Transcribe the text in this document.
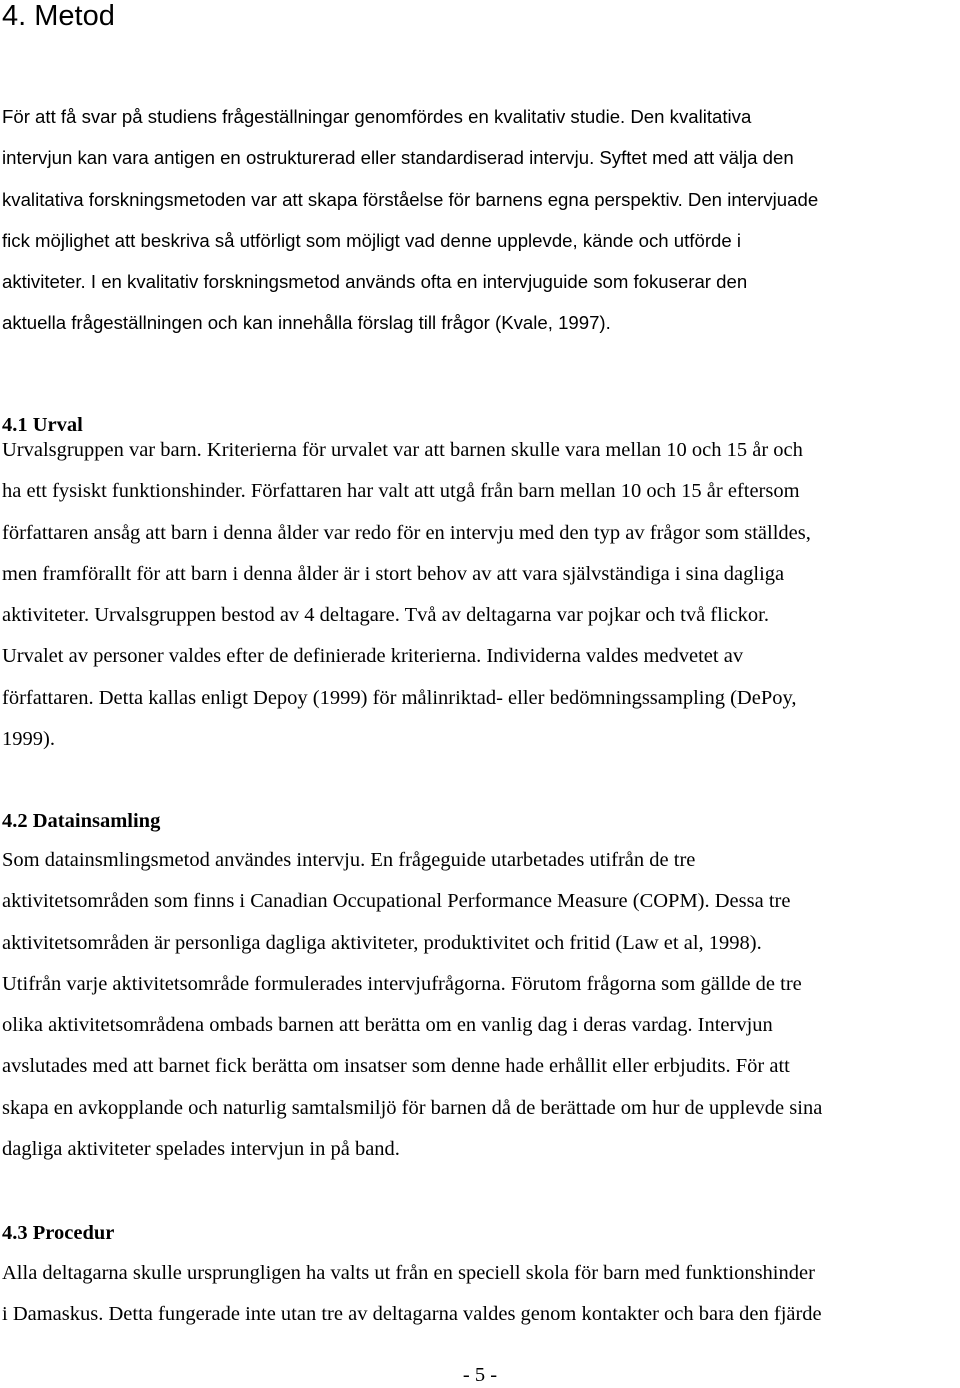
4. Metod

För att få svar på studiens frågeställningar genomfördes en kvalitativ studie. Den kvalitativa
intervjun kan vara antigen en ostrukturerad eller standardiserad intervju. Syftet med att välja den
kvalitativa forskningsmetoden var att skapa förståelse för barnens egna perspektiv. Den intervjuade
fick möjlighet att beskriva så utförligt som möjligt vad denne upplevde, kände och utförde i
aktiviteter. I en kvalitativ forskningsmetod används ofta en intervjuguide som fokuserar den
aktuella frågeställningen och kan innehålla förslag till frågor (Kvale, 1997).

4.1 Urval

Urvalsgruppen var barn. Kriterierna för urvalet var att barnen skulle vara mellan 10 och 15 år och
ha ett fysiskt funktionshinder. Författaren har valt att utgå från barn mellan 10 och 15 år eftersom
författaren ansåg att barn i denna ålder var redo för en intervju med den typ av frågor som ställdes,
men framförallt för att barn i denna ålder är i stort behov av att vara självständiga i sina dagliga
aktiviteter. Urvalsgruppen bestod av 4 deltagare. Två av deltagarna var pojkar och två flickor.
Urvalet av personer valdes efter de definierade kriterierna. Individerna valdes medvetet av
författaren. Detta kallas enligt Depoy (1999) för målinriktad- eller bedömningssampling (DePoy,
1999).

4.2 Datainsamling

Som datainsmlingsmetod användes intervju. En frågeguide utarbetades utifrån de tre
aktivitetsområden som finns i Canadian Occupational Performance Measure (COPM). Dessa tre
aktivitetsområden är personliga dagliga aktiviteter, produktivitet och fritid (Law et al, 1998).
Utifrån varje aktivitetsområde formulerades intervjufrågorna. Förutom frågorna som gällde de tre
olika aktivitetsområdena ombads barnen att berätta om en vanlig dag i deras vardag. Intervjun
avslutades med att barnet fick berätta om insatser som denne hade erhållit eller erbjudits. För att
skapa en avkopplande och naturlig samtalsmiljö för barnen då de berättade om hur de upplevde sina
dagliga aktiviteter spelades intervjun in på band.

4.3 Procedur

Alla deltagarna skulle ursprungligen ha valts ut från en speciell skola för barn med funktionshinder
i Damaskus. Detta fungerade inte utan tre av deltagarna valdes genom kontakter och bara den fjärde

- 5 -
